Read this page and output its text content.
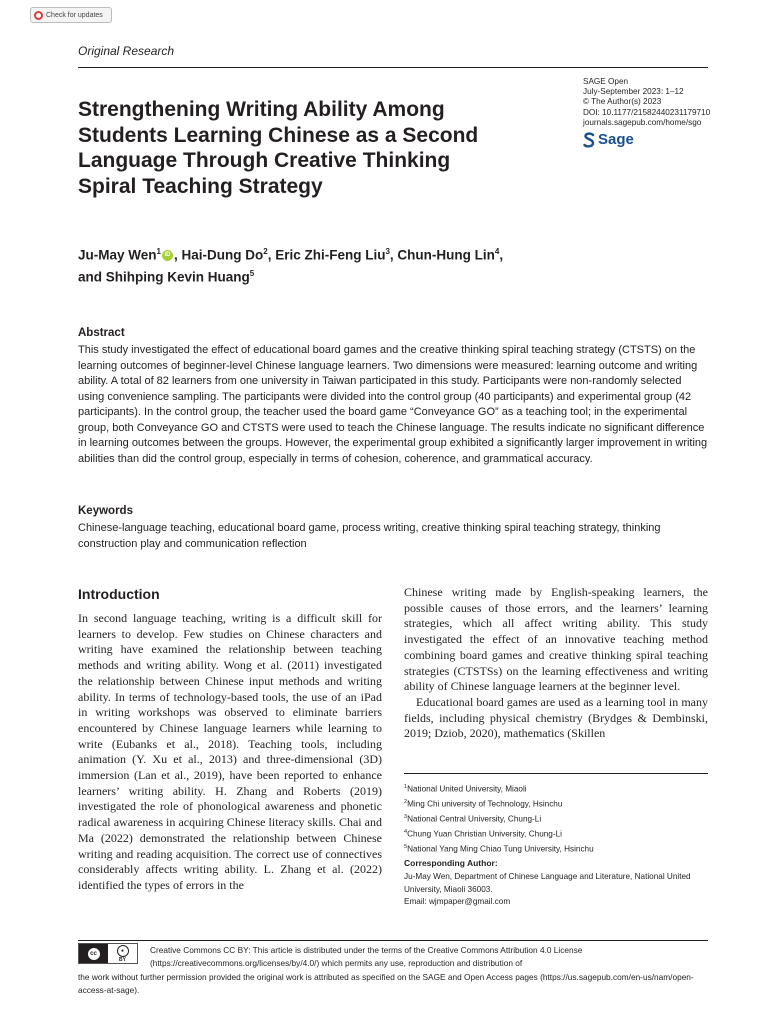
Check for updates
Original Research
SAGE Open
July-September 2023: 1–12
© The Author(s) 2023
DOI: 10.1177/21582440231179710
journals.sagepub.com/home/sgo
Sage
Strengthening Writing Ability Among Students Learning Chinese as a Second Language Through Creative Thinking Spiral Teaching Strategy
Ju-May Wen$^1$ iD , Hai-Dung Do$^2$, Eric Zhi-Feng Liu$^3$, Chun-Hung Lin$^4$,
and Shihping Kevin Huang$^5$
Abstract
This study investigated the effect of educational board games and the creative thinking spiral teaching strategy (CTSTS) on the learning outcomes of beginner-level Chinese language learners. Two dimensions were measured: learning outcome and writing ability. A total of 82 learners from one university in Taiwan participated in this study. Participants were non-randomly selected using convenience sampling. The participants were divided into the control group (40 participants) and experimental group (42 participants). In the control group, the teacher used the board game “Conveyance GO” as a teaching tool; in the experimental group, both Conveyance GO and CTSTS were used to teach the Chinese language. The results indicate no significant difference in learning outcomes between the groups. However, the experimental group exhibited a significantly larger improvement in writing abilities than did the control group, especially in terms of cohesion, coherence, and grammatical accuracy.
Keywords
Chinese-language teaching, educational board game, process writing, creative thinking spiral teaching strategy, thinking construction play and communication reflection
Introduction
In second language teaching, writing is a difficult skill for learners to develop. Few studies on Chinese characters and writing have examined the relationship between teaching methods and writing ability. Wong et al. (2011) investigated the relationship between Chinese input methods and writing ability. In terms of technology-based tools, the use of an iPad in writing workshops was observed to eliminate barriers encountered by Chinese language learners while learning to write (Eubanks et al., 2018). Teaching tools, including animation (Y. Xu et al., 2013) and three-dimensional (3D) immersion (Lan et al., 2019), have been reported to enhance learners’ writing ability. H. Zhang and Roberts (2019) investigated the role of phonological awareness and phonetic radical awareness in acquiring Chinese literacy skills. Chai and Ma (2022) demonstrated the relationship between Chinese writing and reading acquisition. The correct use of connectives considerably affects writing ability. L. Zhang et al. (2022) identified the types of errors in the

Chinese writing made by English-speaking learners, the possible causes of those errors, and the learners’ learning strategies, which all affect writing ability. This study investigated the effect of an innovative teaching method combining board games and creative thinking spiral teaching strategies (CTSTSs) on the learning effectiveness and writing ability of Chinese language learners at the beginner level.

Educational board games are used as a learning tool in many fields, including physical chemistry (Brydges & Dembinski, 2019; Dziob, 2020), mathematics (Skillen

$^1$National United University, Miaoli
$^2$Ming Chi university of Technology, Hsinchu
$^3$National Central University, Chung-Li
$^4$Chung Yuan Christian University, Chung-Li
$^5$National Yang Ming Chiao Tung University, Hsinchu
Corresponding Author:
Ju-May Wen, Department of Chinese Language and Literature, National United University, Miaoli 36003.
Email: wjmpaper@gmail.com
Creative Commons CC BY: This article is distributed under the terms of the Creative Commons Attribution 4.0 License (https://creativecommons.org/licenses/by/4.0/) which permits any use, reproduction and distribution of
the work without further permission provided the original work is attributed as specified on the SAGE and Open Access pages (https://us.sagepub.com/en-us/nam/open-access-at-sage).
cc	●
BY
